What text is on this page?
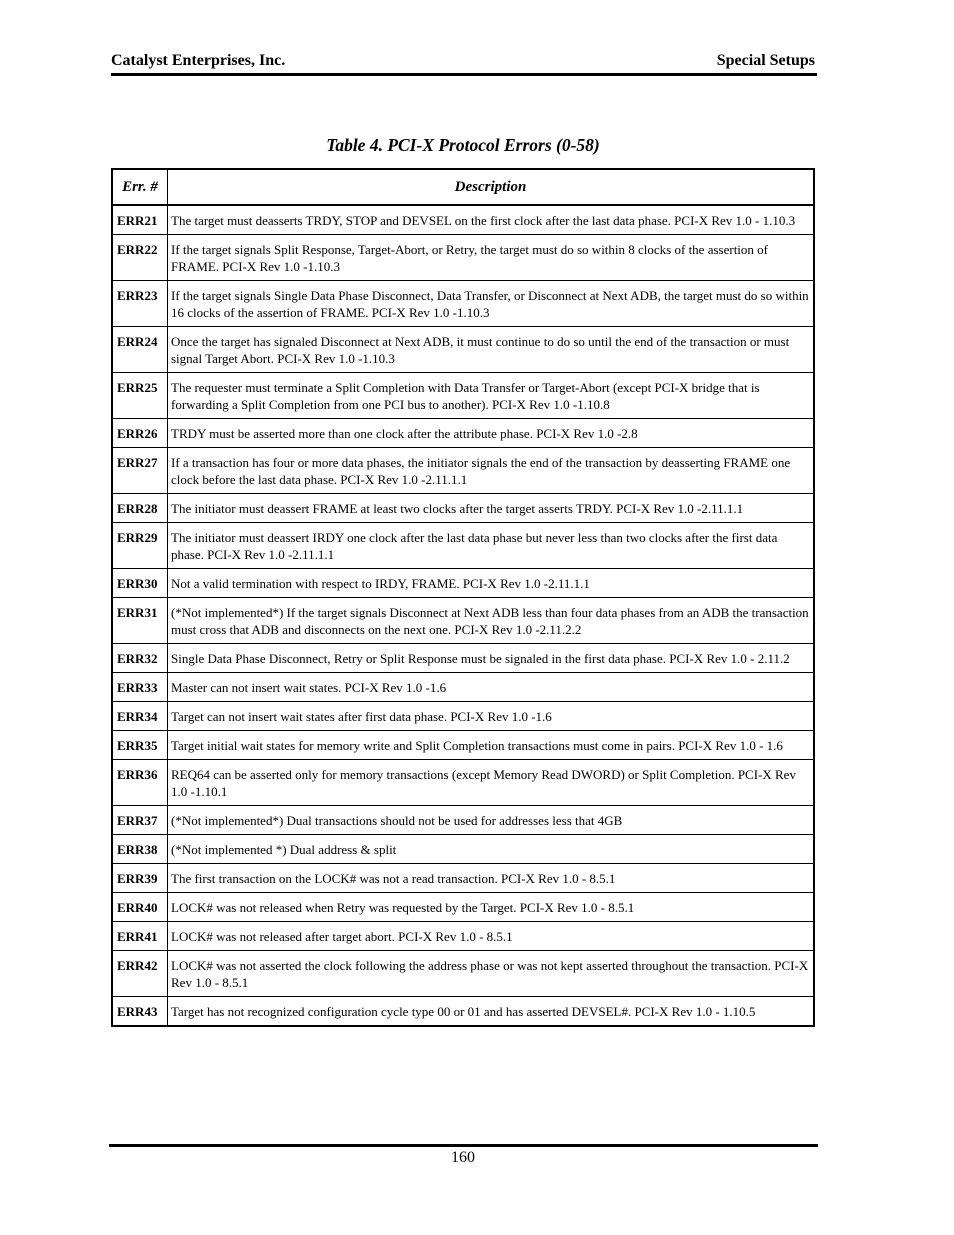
Catalyst Enterprises, Inc.	Special Setups
Table 4. PCI-X Protocol Errors (0-58)
Err. #	Description
ERR21	The target must deasserts TRDY, STOP and DEVSEL on the first clock after the last data phase. PCI-X Rev 1.0 - 1.10.3
ERR22	If the target signals Split Response, Target-Abort, or Retry, the target must do so within 8 clocks of the assertion of FRAME. PCI-X Rev 1.0 -1.10.3
ERR23	If the target signals Single Data Phase Disconnect, Data Transfer, or Disconnect at Next ADB, the target must do so within 16 clocks of the assertion of FRAME. PCI-X Rev 1.0 -1.10.3
ERR24	Once the target has signaled Disconnect at Next ADB, it must continue to do so until the end of the transaction or must signal Target Abort. PCI-X Rev 1.0 -1.10.3
ERR25	The requester must terminate a Split Completion with Data Transfer or Target-Abort (except PCI-X bridge that is forwarding a Split Completion from one PCI bus to another). PCI-X Rev 1.0 -1.10.8
ERR26	TRDY must be asserted more than one clock after the attribute phase. PCI-X Rev 1.0 -2.8
ERR27	If a transaction has four or more data phases, the initiator signals the end of the transaction by deasserting FRAME one clock before the last data phase. PCI-X Rev 1.0 -2.11.1.1
ERR28	The initiator must deassert FRAME at least two clocks after the target asserts TRDY. PCI-X Rev 1.0 -2.11.1.1
ERR29	The initiator must deassert IRDY one clock after the last data phase but never less than two clocks after the first data phase. PCI-X Rev 1.0 -2.11.1.1
ERR30	Not a valid termination with respect to IRDY, FRAME. PCI-X Rev 1.0 -2.11.1.1
ERR31	(*Not implemented*) If the target signals Disconnect at Next ADB less than four data phases from an ADB the transaction must cross that ADB and disconnects on the next one. PCI-X Rev 1.0 -2.11.2.2
ERR32	Single Data Phase Disconnect, Retry or Split Response must be signaled in the first data phase. PCI-X Rev 1.0 - 2.11.2
ERR33	Master can not insert wait states. PCI-X Rev 1.0 -1.6
ERR34	Target can not insert wait states after first data phase. PCI-X Rev 1.0 -1.6
ERR35	Target initial wait states for memory write and Split Completion transactions must come in pairs. PCI-X Rev 1.0 - 1.6
ERR36	REQ64 can be asserted only for memory transactions (except Memory Read DWORD) or Split Completion. PCI-X Rev 1.0 -1.10.1
ERR37	(*Not implemented*) Dual transactions should not be used for addresses less that 4GB
ERR38	(*Not implemented *) Dual address & split
ERR39	The first transaction on the LOCK# was not a read transaction. PCI-X Rev 1.0 - 8.5.1
ERR40	LOCK# was not released when Retry was requested by the Target. PCI-X Rev 1.0 - 8.5.1
ERR41	LOCK# was not released after target abort. PCI-X Rev 1.0 - 8.5.1
ERR42	LOCK# was not asserted the clock following the address phase or was not kept asserted throughout the transaction. PCI-X Rev 1.0 - 8.5.1
ERR43	Target has not recognized configuration cycle type 00 or 01 and has asserted DEVSEL#. PCI-X Rev 1.0 - 1.10.5
160
